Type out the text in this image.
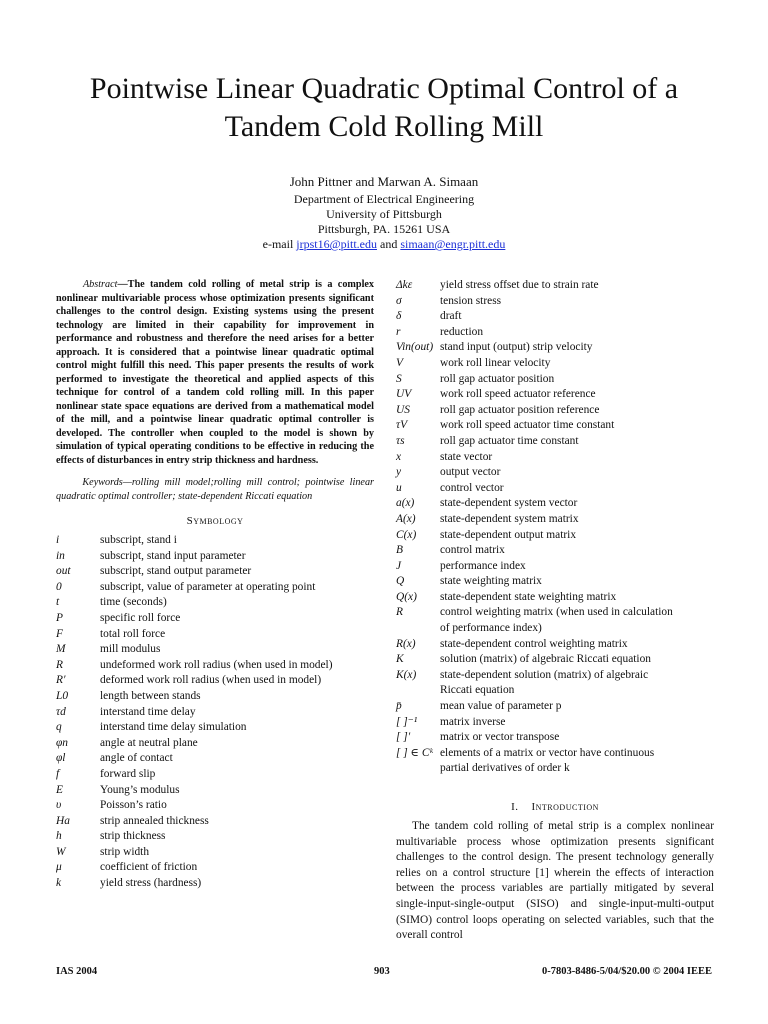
Pointwise Linear Quadratic Optimal Control of a
Tandem Cold Rolling Mill
John Pittner and Marwan A. Simaan
Department of Electrical Engineering
University of Pittsburgh
Pittsburgh, PA. 15261 USA
e-mail jrpst16@pitt.edu and simaan@engr.pitt.edu

Abstract—The tandem cold rolling of metal strip is a complex nonlinear multivariable process whose optimization presents significant challenges to the control design. Existing systems using the present technology are limited in their capability for improvement in performance and robustness and therefore the need arises for a better approach. It is considered that a pointwise linear quadratic optimal control might fulfill this need. This paper presents the results of work performed to investigate the theoretical and applied aspects of this technique for control of a tandem cold rolling mill. In this paper nonlinear state space equations are derived from a mathematical model of the mill, and a pointwise linear quadratic optimal controller is developed. The controller when coupled to the model is shown by simulation of typical operating conditions to be effective in reducing the effects of disturbances in entry strip thickness and hardness.

Keywords—rolling mill model;rolling mill control; pointwise linear quadratic optimal controller; state-dependent Riccati equation

Symbology
i	subscript, stand i
in	subscript, stand input parameter
out	subscript, stand output parameter
0	subscript, value of parameter at operating point
t	time (seconds)
P	specific roll force
F	total roll force
M	mill modulus
R	undeformed work roll radius (when used in model)
R′	deformed work roll radius (when used in model)
L0	length between stands
τd	interstand time delay
q	interstand time delay simulation
φn	angle at neutral plane
φl	angle of contact
f	forward slip
E	Young’s modulus
υ	Poisson’s ratio
Ha	strip annealed thickness
h	strip thickness
W	strip width
μ	coefficient of friction
k	yield stress (hardness)
Δkε	yield stress offset due to strain rate
σ	tension stress
δ	draft
r	reduction
Vin(out) stand input (output) strip velocity
V	work roll linear velocity
S	roll gap actuator position
UV	work roll speed actuator reference
US	roll gap actuator position reference
τV	work roll speed actuator time constant
τs	roll gap actuator time constant
x	state vector
y	output vector
u	control vector
a(x)	state-dependent system vector
A(x)	state-dependent system matrix
C(x)	state-dependent output matrix
B	control matrix
J	performance index
Q	state weighting matrix
Q(x)	state-dependent state weighting matrix
R	control weighting matrix (when used in calculation
of performance index)
R(x)	state-dependent control weighting matrix
K	solution (matrix) of algebraic Riccati equation
K(x)	state-dependent solution (matrix) of algebraic
Riccati equation
p̄	mean value of parameter p
[ ]⁻¹	matrix inverse
[ ]′	matrix or vector transpose
[ ] ∈ Cᵏ elements of a matrix or vector have continuous
partial derivatives of order k
I. Introduction

The tandem cold rolling of metal strip is a complex nonlinear multivariable process whose optimization presents significant challenges to the control design. The present technology generally relies on a control structure [1] wherein the effects of interaction between the process variables are partially mitigated by several single-input-single-output (SISO) and single-input-multi-output (SIMO) control loops operating on selected variables, such that the overall control

IAS 2004	903	0-7803-8486-5/04/$20.00 © 2004 IEEE
